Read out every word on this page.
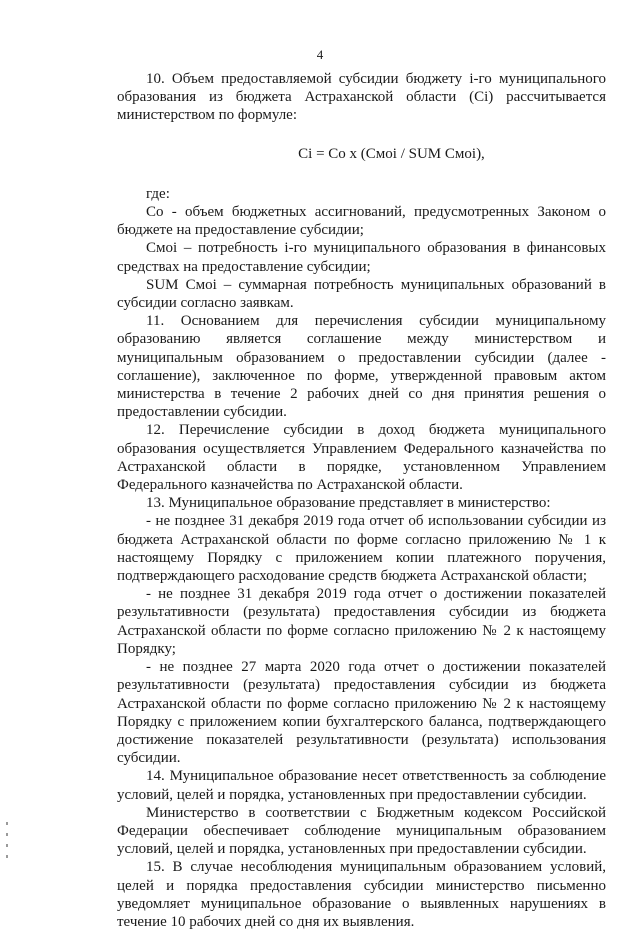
4

10. Объем предоставляемой субсидии бюджету i-го муниципального образования из бюджета Астраханской области (Сi) рассчитывается министерством по формуле:

Сi = Со х (Смоi / SUM Смоi),

где:

Со - объем бюджетных ассигнований, предусмотренных Законом о бюджете на предоставление субсидии;

Смоi – потребность i-го муниципального образования в финансовых средствах на предоставление субсидии;

SUM Смоi – суммарная потребность муниципальных образований в субсидии согласно заявкам.

11. Основанием для перечисления субсидии муниципальному образованию является соглашение между министерством и муниципальным образованием о предоставлении субсидии (далее - соглашение), заключенное по форме, утвержденной правовым актом министерства в течение 2 рабочих дней со дня принятия решения о предоставлении субсидии.

12. Перечисление субсидии в доход бюджета муниципального образования осуществляется Управлением Федерального казначейства по Астраханской области в порядке, установленном Управлением Федерального казначейства по Астраханской области.

13. Муниципальное образование представляет в министерство:

- не позднее 31 декабря 2019 года отчет об использовании субсидии из бюджета Астраханской области по форме согласно приложению № 1 к настоящему Порядку с приложением копии платежного поручения, подтверждающего расходование средств бюджета Астраханской области;

- не позднее 31 декабря 2019 года отчет о достижении показателей результативности (результата) предоставления субсидии из бюджета Астраханской области по форме согласно приложению № 2 к настоящему Порядку;

- не позднее 27 марта 2020 года отчет о достижении показателей результативности (результата) предоставления субсидии из бюджета Астраханской области по форме согласно приложению № 2 к настоящему Порядку с приложением копии бухгалтерского баланса, подтверждающего достижение показателей результативности (результата) использования субсидии.

14. Муниципальное образование несет ответственность за соблюдение условий, целей и порядка, установленных при предоставлении субсидии.

Министерство в соответствии с Бюджетным кодексом Российской Федерации обеспечивает соблюдение муниципальным образованием условий, целей и порядка, установленных при предоставлении субсидии.

15. В случае несоблюдения муниципальным образованием условий, целей и порядка предоставления субсидии министерство письменно уведомляет муниципальное образование о выявленных нарушениях в течение 10 рабочих дней со дня их выявления.
